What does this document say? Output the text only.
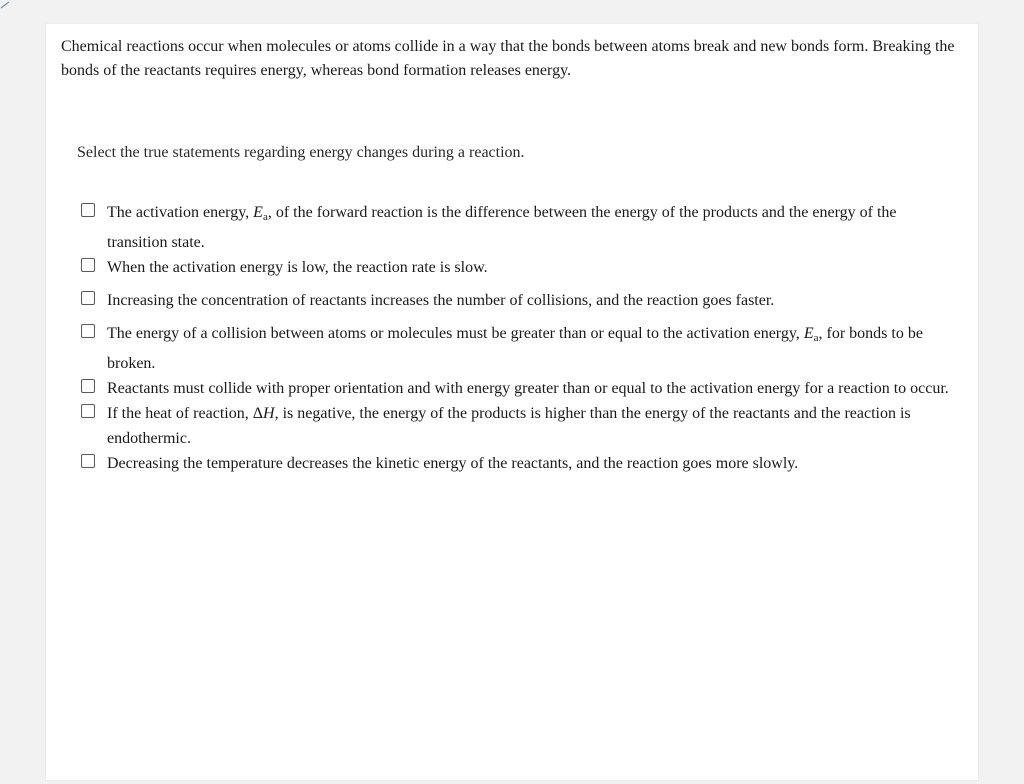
Chemical reactions occur when molecules or atoms collide in a way that the bonds between atoms break and new bonds form. Breaking the bonds of the reactants requires energy, whereas bond formation releases energy.

Select the true statements regarding energy changes during a reaction.

The activation energy, $E_a$, of the forward reaction is the difference between the energy of the products and the energy of the transition state.
When the activation energy is low, the reaction rate is slow.
Increasing the concentration of reactants increases the number of collisions, and the reaction goes faster.
The energy of a collision between atoms or molecules must be greater than or equal to the activation energy, $E_a$, for bonds to be broken.
Reactants must collide with proper orientation and with energy greater than or equal to the activation energy for a reaction to occur.
If the heat of reaction, ΔH, is negative, the energy of the products is higher than the energy of the reactants and the reaction is endothermic.
Decreasing the temperature decreases the kinetic energy of the reactants, and the reaction goes more slowly.
